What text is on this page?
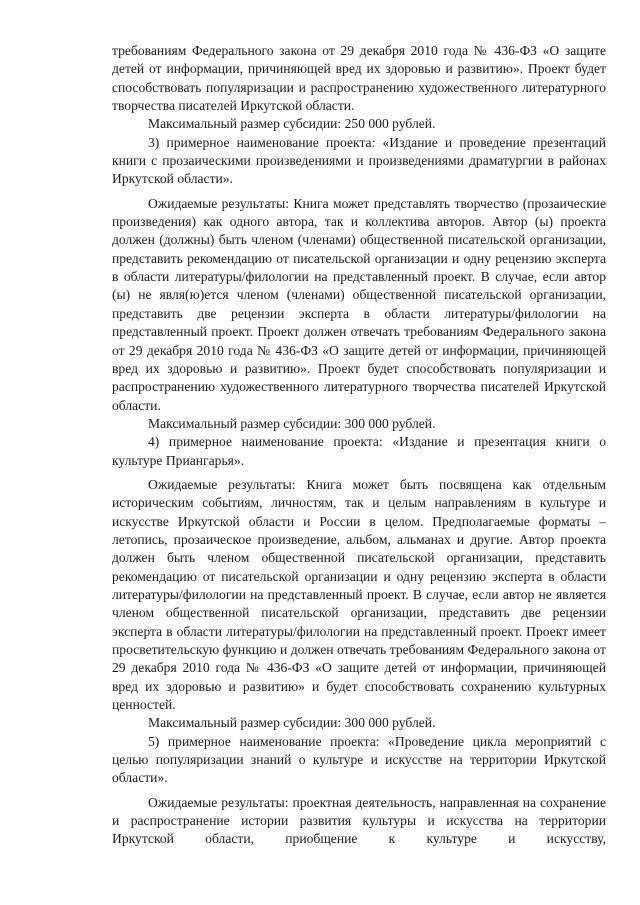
требованиям Федерального закона от 29 декабря 2010 года № 436-ФЗ «О защите детей от информации, причиняющей вред их здоровью и развитию». Проект будет способствовать популяризации и распространению художественного литературного творчества писателей Иркутской области.

Максимальный размер субсидии: 250 000 рублей.

3) примерное наименование проекта: «Издание и проведение презентаций книги с прозаическими произведениями и произведениями драматургии в районах Иркутской области».

Ожидаемые результаты: Книга может представлять творчество (прозаические произведения) как одного автора, так и коллектива авторов. Автор (ы) проекта должен (должны) быть членом (членами) общественной писательской организации, представить рекомендацию от писательской организации и одну рецензию эксперта в области литературы/филологии на представленный проект. В случае, если автор (ы) не явля(ю)ется членом (членами) общественной писательской организации, представить две рецензии эксперта в области литературы/филологии на представленный проект. Проект должен отвечать требованиям Федерального закона от 29 декабря 2010 года № 436-ФЗ «О защите детей от информации, причиняющей вред их здоровью и развитию». Проект будет способствовать популяризации и распространению художественного литературного творчества писателей Иркутской области.

Максимальный размер субсидии: 300 000 рублей.

4) примерное наименование проекта: «Издание и презентация книги о культуре Приангарья».

Ожидаемые результаты: Книга может быть посвящена как отдельным историческим событиям, личностям, так и целым направлениям в культуре и искусстве Иркутской области и России в целом. Предполагаемые форматы – летопись, прозаическое произведение, альбом, альманах и другие. Автор проекта должен быть членом общественной писательской организации, представить рекомендацию от писательской организации и одну рецензию эксперта в области литературы/филологии на представленный проект. В случае, если автор не является членом общественной писательской организации, представить две рецензии эксперта в области литературы/филологии на представленный проект. Проект имеет просветительскую функцию и должен отвечать требованиям Федерального закона от 29 декабря 2010 года № 436-ФЗ «О защите детей от информации, причиняющей вред их здоровью и развитию» и будет способствовать сохранению культурных ценностей.

Максимальный размер субсидии: 300 000 рублей.

5) примерное наименование проекта: «Проведение цикла мероприятий с целью популяризации знаний о культуре и искусстве на территории Иркутской области».

Ожидаемые результаты: проектная деятельность, направленная на сохранение и распространение истории развития культуры и искусства на территории Иркутской области, приобщение к культуре и искусству,
